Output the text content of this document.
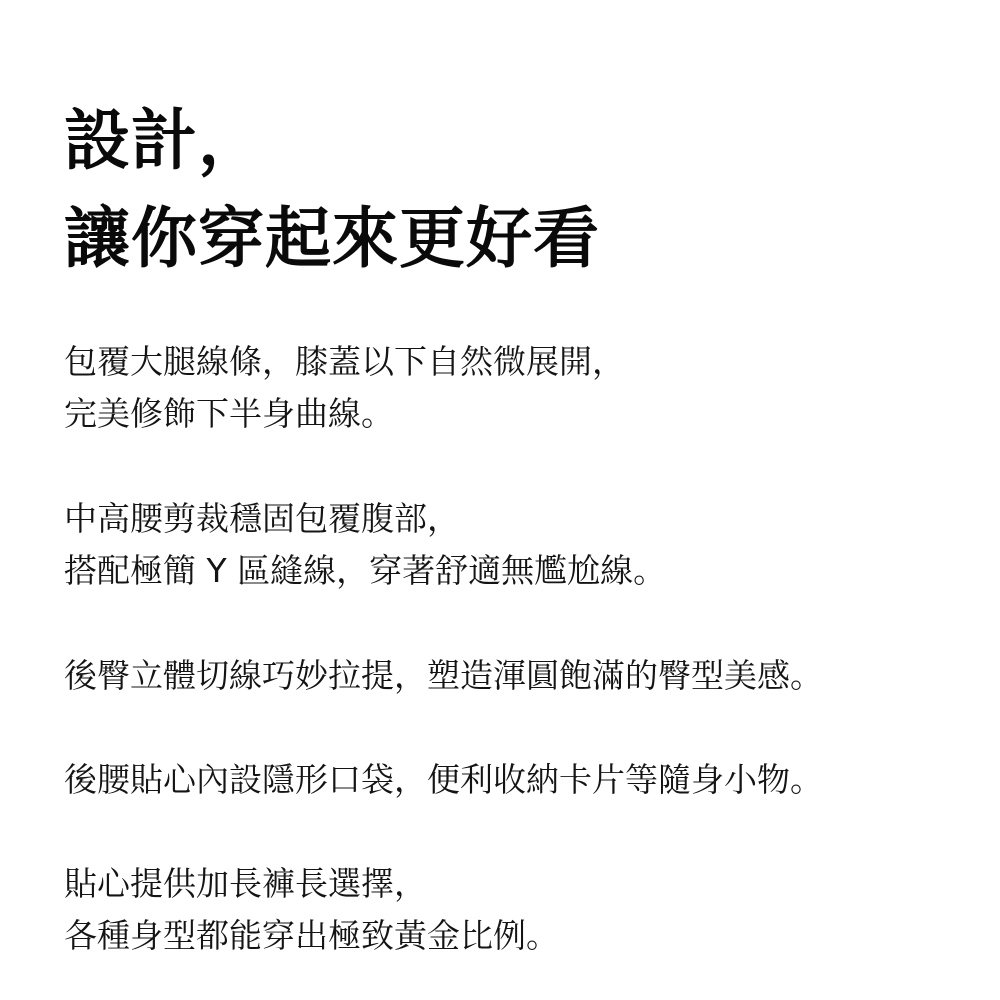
設計，
讓你穿起來更好看

包覆大腿線條，膝蓋以下自然微展開，
完美修飾下半身曲線。

中高腰剪裁穩固包覆腹部，
搭配極簡 Y 區縫線，穿著舒適無尷尬線。

後臀立體切線巧妙拉提，塑造渾圓飽滿的臀型美感。

後腰貼心內設隱形口袋，便利收納卡片等隨身小物。

貼心提供加長褲長選擇，
各種身型都能穿出極致黃金比例。
